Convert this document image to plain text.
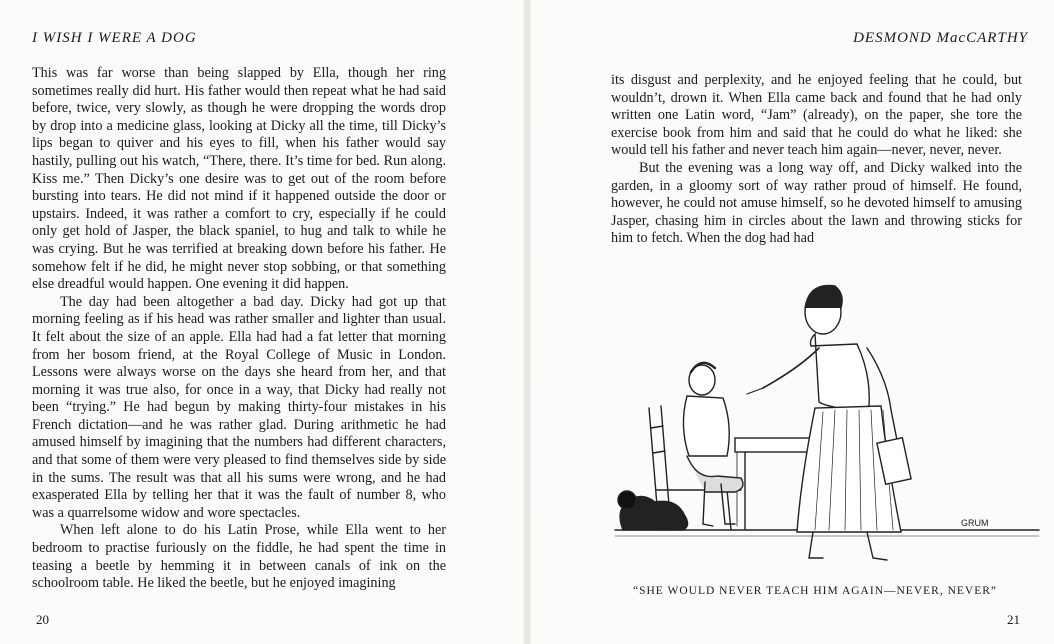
I WISH I WERE A DOG

This was far worse than being slapped by Ella, though her ring sometimes really did hurt. His father would then repeat what he had said before, twice, very slowly, as though he were dropping the words drop by drop into a medicine glass, looking at Dicky all the time, till Dicky’s lips began to quiver and his eyes to fill, when his father would say hastily, pulling out his watch, “There, there. It’s time for bed. Run along. Kiss me.” Then Dicky’s one desire was to get out of the room before bursting into tears. He did not mind if it happened outside the door or upstairs. Indeed, it was rather a comfort to cry, especially if he could only get hold of Jasper, the black spaniel, to hug and talk to while he was crying. But he was terrified at breaking down before his father. He somehow felt if he did, he might never stop sobbing, or that something else dreadful would happen. One evening it did happen.

The day had been altogether a bad day. Dicky had got up that morning feeling as if his head was rather smaller and lighter than usual. It felt about the size of an apple. Ella had had a fat letter that morning from her bosom friend, at the Royal College of Music in London. Lessons were always worse on the days she heard from her, and that morning it was true also, for once in a way, that Dicky had really not been “trying.” He had begun by making thirty-four mistakes in his French dictation—and he was rather glad. During arithmetic he had amused himself by imagining that the numbers had different characters, and that some of them were very pleased to find themselves side by side in the sums. The result was that all his sums were wrong, and he had exasperated Ella by telling her that it was the fault of number 8, who was a quarrelsome widow and wore spectacles.

When left alone to do his Latin Prose, while Ella went to her bedroom to practise furiously on the fiddle, he had spent the time in teasing a beetle by hemming it in between canals of ink on the schoolroom table. He liked the beetle, but he enjoyed imagining

20
DESMOND MacCARTHY

its disgust and perplexity, and he enjoyed feeling that he could, but wouldn’t, drown it. When Ella came back and found that he had only written one Latin word, “Jam” (already), on the paper, she tore the exercise book from him and said that he could do what he liked: she would tell his father and never teach him again—never, never, never.

But the evening was a long way off, and Dicky walked into the garden, in a gloomy sort of way rather proud of himself. He found, however, he could not amuse himself, so he devoted himself to amusing Jasper, chasing him in circles about the lawn and throwing sticks for him to fetch. When the dog had had

GRUM
“SHE WOULD NEVER TEACH HIM AGAIN—NEVER, NEVER”
21
